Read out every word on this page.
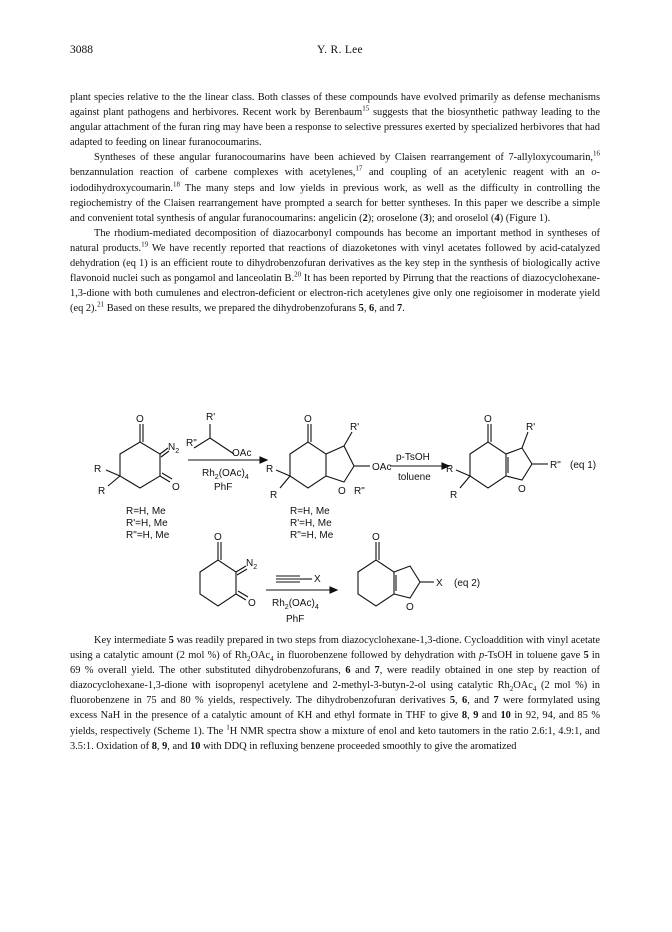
3088	Y. R. Lee

plant species relative to the the linear class. Both classes of these compounds have evolved primarily as defense mechanisms against plant pathogens and herbivores. Recent work by Berenbaum$^{15}$ suggests that the biosynthetic pathway leading to the angular attachment of the furan ring may have been a response to selective pressures exerted by specialized herbivores that had adapted to feeding on linear furanocoumarins.

Syntheses of these angular furanocoumarins have been achieved by Claisen rearrangement of 7-allyloxycoumarin,$^{16}$ benzannulation reaction of carbene complexes with acetylenes,$^{17}$ and coupling of an acetylenic reagent with an o-iododihydroxycoumarin.$^{18}$ The many steps and low yields in previous work, as well as the difficulty in controlling the regiochemistry of the Claisen rearrangement have prompted a search for better syntheses. In this paper we describe a simple and convenient total synthesis of angular furanocoumarins: angelicin (2); oroselone (3); and oroselol (4) (Figure 1).

The rhodium-mediated decomposition of diazocarbonyl compounds has become an important method in syntheses of natural products.$^{19}$ We have recently reported that reactions of diazoketones with vinyl acetates followed by acid-catalyzed dehydration (eq 1) is an efficient route to dihydrobenzofuran derivatives as the key step in the synthesis of biologically active flavonoid nuclei such as pongamol and lanceolatin B.$^{20}$ It has been reported by Pirrung that the reactions of diazocyclohexane-1,3-dione with both cumulenes and electron-deficient or electron-rich acetylenes give only one regioisomer in moderate yield (eq 2).$^{21}$ Based on these results, we prepared the dihydrobenzofurans 5, 6, and 7.

O
$N_2$
O
R
R
R"
R'
OAc
$Rh_2(OAc)_4$
PhF
O
R'
OAc
O R"
R
R
p-TsOH
toluene
O
R'
O
R"
R
R
(eq 1)
R=H, Me
R'=H, Me
R"=H, Me
R=H, Me
R'=H, Me
R"=H, Me
O
$N_2$
O
X
$Rh_2(OAc)_4$
PhF
O
O
X (eq 2)

Key intermediate 5 was readily prepared in two steps from diazocyclohexane-1,3-dione. Cycloaddition with vinyl acetate using a catalytic amount (2 mol %) of $Rh_2OAc_4$ in fluorobenzene followed by dehydration with p-TsOH in toluene gave 5 in 69 % overall yield. The other substituted dihydrobenzofurans, 6 and 7, were readily obtained in one step by reaction of diazocyclohexane-1,3-dione with isopropenyl acetylene and 2-methyl-3-butyn-2-ol using catalytic $Rh_2OAc_4$ (2 mol %) in fluorobenzene in 75 and 80 % yields, respectively. The dihydrobenzofuran derivatives 5, 6, and 7 were formylated using excess NaH in the presence of a catalytic amount of KH and ethyl formate in THF to give 8, 9 and 10 in 92, 94, and 85 % yields, respectively (Scheme 1). The $^1$H NMR spectra show a mixture of enol and keto tautomers in the ratio 2.6:1, 4.9:1, and 3.5:1. Oxidation of 8, 9, and 10 with DDQ in refluxing benzene proceeded smoothly to give the aromatized
